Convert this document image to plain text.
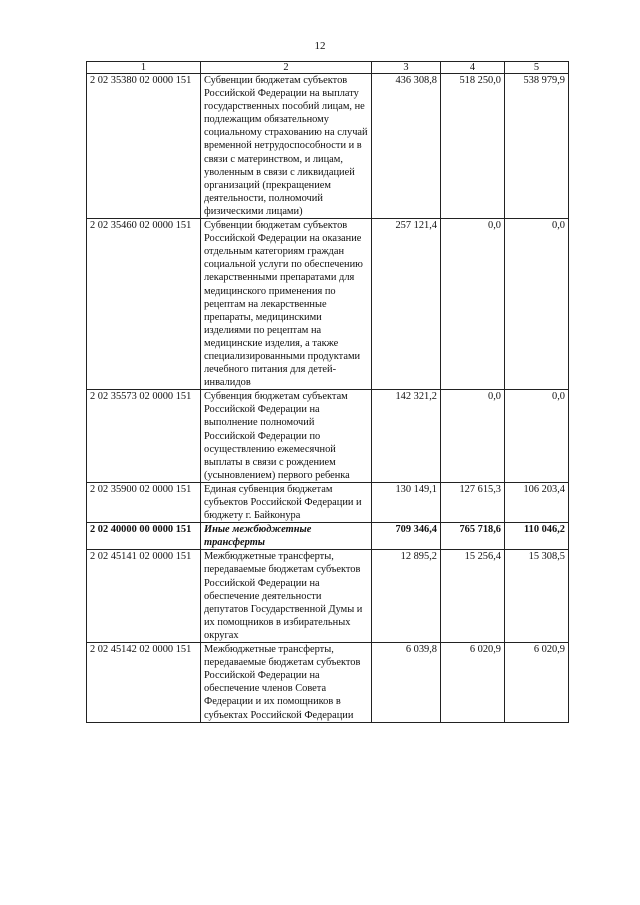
12
1	2	3	4	5
2 02 35380 02 0000 151	Субвенции бюджетам субъектов Российской Федерации на выплату государственных пособий лицам, не подлежащим обязательному социальному страхованию на случай временной нетрудоспособности и в связи с материнством, и лицам, уволенным в связи с ликвидацией организаций (прекращением деятельности, полномочий физическими лицами)	436 308,8	518 250,0	538 979,9
2 02 35460 02 0000 151	Субвенции бюджетам субъектов Российской Федерации на оказание отдельным категориям граждан социальной услуги по обеспечению лекарственными препаратами для медицинского применения по рецептам на лекарственные препараты, медицинскими изделиями по рецептам на медицинские изделия, а также специализированными продуктами лечебного питания для детей-инвалидов	257 121,4	0,0	0,0
2 02 35573 02 0000 151	Субвенция бюджетам субъектам Российской Федерации на выполнение полномочий Российской Федерации по осуществлению ежемесячной выплаты в связи с рождением (усыновлением) первого ребенка	142 321,2	0,0	0,0
2 02 35900 02 0000 151	Единая субвенция бюджетам субъектов Российской Федерации и бюджету г. Байконура	130 149,1	127 615,3	106 203,4
2 02 40000 00 0000 151	Иные межбюджетные трансферты	709 346,4	765 718,6	110 046,2
2 02 45141 02 0000 151	Межбюджетные трансферты, передаваемые бюджетам субъектов Российской Федерации на обеспечение деятельности депутатов Государственной Думы и их помощников в избирательных округах	12 895,2	15 256,4	15 308,5
2 02 45142 02 0000 151	Межбюджетные трансферты, передаваемые бюджетам субъектов Российской Федерации на обеспечение членов Совета Федерации и их помощников в субъектах Российской Федерации	6 039,8	6 020,9	6 020,9
